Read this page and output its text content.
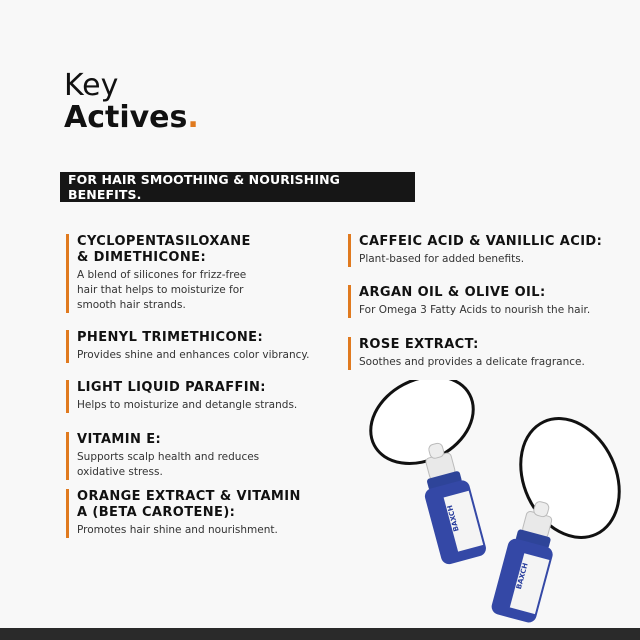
Key
Actives.
FOR HAIR SMOOTHING & NOURISHING BENEFITS.
CYCLOPENTASILOXANE
& DIMETHICONE:
A blend of silicones for frizz-free
hair that helps to moisturize for
smooth hair strands.
PHENYL TRIMETHICONE:
Provides shine and enhances color vibrancy.
LIGHT LIQUID PARAFFIN:
Helps to moisturize and detangle strands.
VITAMIN E:
Supports scalp health and reduces
oxidative stress.
ORANGE EXTRACT & VITAMIN
A (BETA CAROTENE):
Promotes hair shine and nourishment.
CAFFEIC ACID & VANILLIC ACID:
Plant-based for added benefits.
ARGAN OIL & OLIVE OIL:
For Omega 3 Fatty Acids to nourish the hair.
ROSE EXTRACT:
Soothes and provides a delicate fragrance.
BAXCH
BAXCH
